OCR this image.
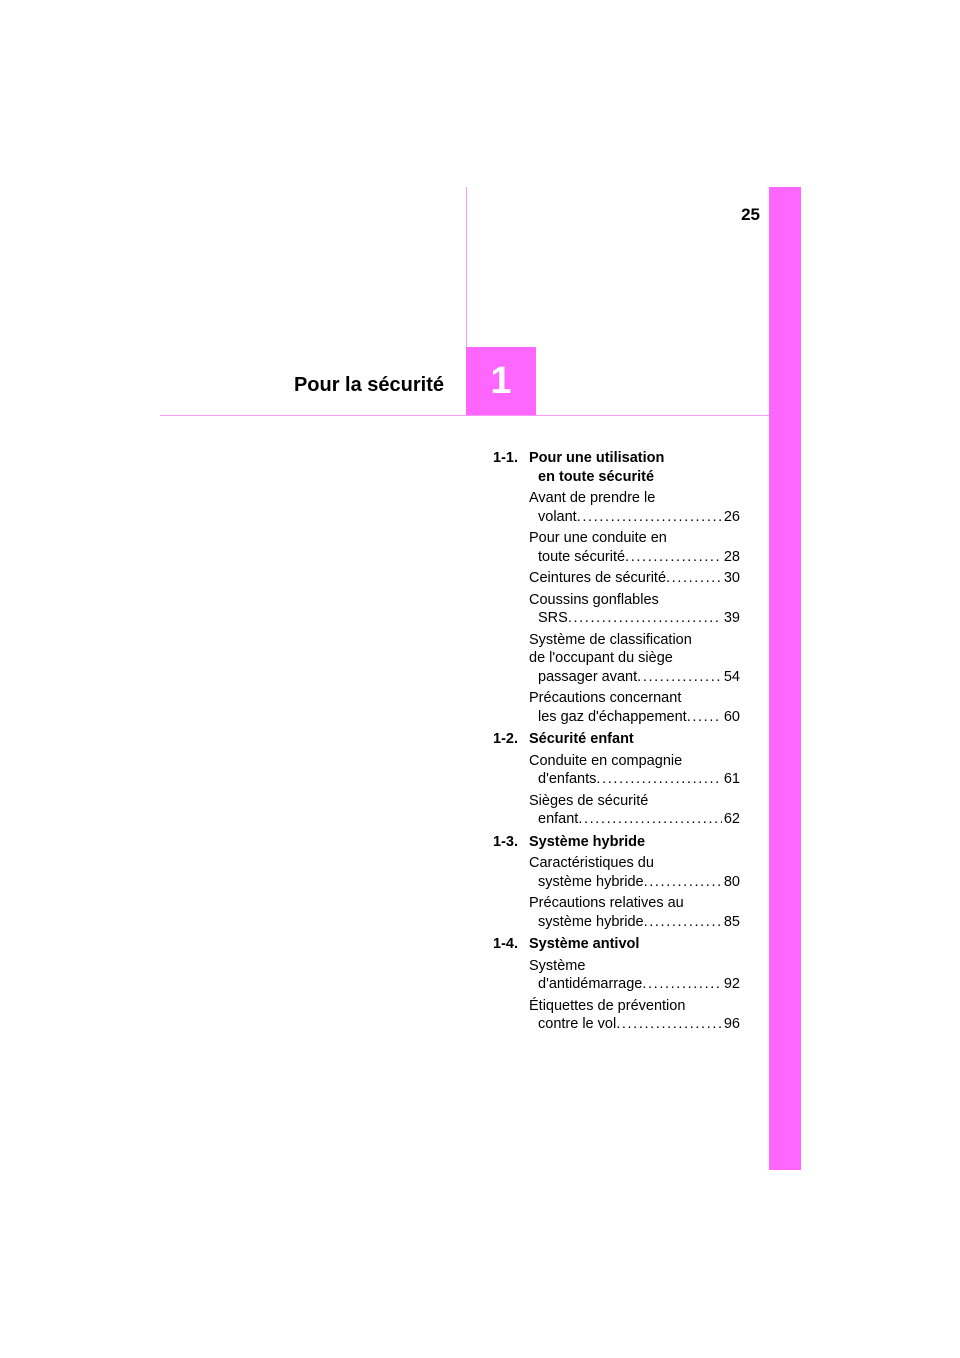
25
1
Pour la sécurité
1-1. Pour une utilisation
en toute sécurité
Avant de prendre le
volant . . .	26
Pour une conduite en
toute sécurité . . .	28
Ceintures de sécurité . . .	30
Coussins gonflables
SRS . . .	39
Système de classification
de l'occupant du siège
passager avant . . .	54
Précautions concernant
les gaz d'échappement . . .	60
1-2. Sécurité enfant
Conduite en compagnie
d'enfants . . .	61
Sièges de sécurité
enfant . . .	62
1-3. Système hybride
Caractéristiques du
système hybride . . .	80
Précautions relatives au
système hybride . . .	85
1-4. Système antivol
Système
d'antidémarrage . . .	92
Étiquettes de prévention
contre le vol . . .	96
